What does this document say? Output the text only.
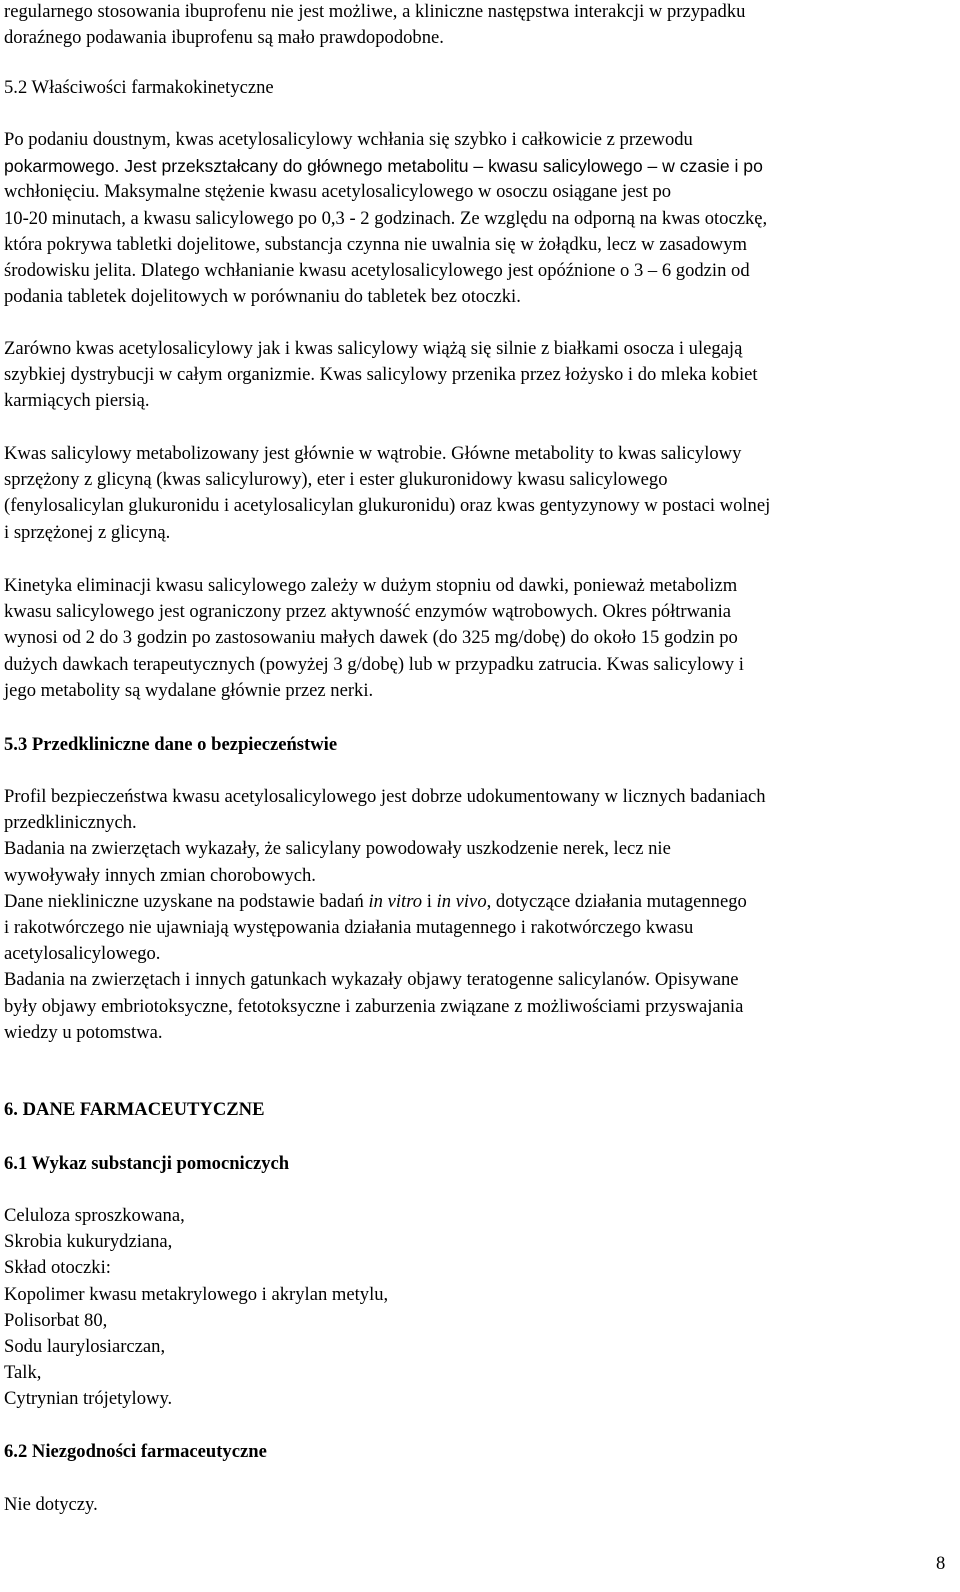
regularnego stosowania ibuprofenu nie jest możliwe, a kliniczne następstwa interakcji w przypadku

doraźnego podawania ibuprofenu są mało prawdopodobne.

5.2 Właściwości farmakokinetyczne

Po podaniu doustnym, kwas acetylosalicylowy wchłania się szybko i całkowicie z przewodu

pokarmowego. Jest przekształcany do głównego metabolitu – kwasu salicylowego – w czasie i po

wchłonięciu. Maksymalne stężenie kwasu acetylosalicylowego w osoczu osiągane jest po

10-20 minutach, a kwasu salicylowego po 0,3 - 2 godzinach. Ze względu na odporną na kwas otoczkę,

która pokrywa tabletki dojelitowe, substancja czynna nie uwalnia się w żołądku, lecz w zasadowym

środowisku jelita. Dlatego wchłanianie kwasu acetylosalicylowego jest opóźnione o 3 – 6 godzin od

podania tabletek dojelitowych w porównaniu do tabletek bez otoczki.

Zarówno kwas acetylosalicylowy jak i kwas salicylowy wiążą się silnie z białkami osocza i ulegają

szybkiej dystrybucji w całym organizmie. Kwas salicylowy przenika przez łożysko i do mleka kobiet

karmiących piersią.

Kwas salicylowy metabolizowany jest głównie w wątrobie. Główne metabolity to kwas salicylowy

sprzężony z glicyną (kwas salicylurowy), eter i ester glukuronidowy kwasu salicylowego

(fenylosalicylan glukuronidu i acetylosalicylan glukuronidu) oraz kwas gentyzynowy w postaci wolnej

i sprzężonej z glicyną.

Kinetyka eliminacji kwasu salicylowego zależy w dużym stopniu od dawki, ponieważ metabolizm

kwasu salicylowego jest ograniczony przez aktywność enzymów wątrobowych. Okres półtrwania

wynosi od 2 do 3 godzin po zastosowaniu małych dawek (do 325 mg/dobę) do około 15 godzin po

dużych dawkach terapeutycznych (powyżej 3 g/dobę) lub w przypadku zatrucia. Kwas salicylowy i

jego metabolity są wydalane głównie przez nerki.

5.3 Przedkliniczne dane o bezpieczeństwie

Profil bezpieczeństwa kwasu acetylosalicylowego jest dobrze udokumentowany w licznych badaniach

przedklinicznych.

Badania na zwierzętach wykazały, że salicylany powodowały uszkodzenie nerek, lecz nie

wywoływały innych zmian chorobowych.

Dane niekliniczne uzyskane na podstawie badań in vitro i in vivo, dotyczące działania mutagennego

i rakotwórczego nie ujawniają występowania działania mutagennego i rakotwórczego kwasu

acetylosalicylowego.

Badania na zwierzętach i innych gatunkach wykazały objawy teratogenne salicylanów. Opisywane

były objawy embriotoksyczne, fetotoksyczne i zaburzenia związane z możliwościami przyswajania

wiedzy u potomstwa.

6. DANE FARMACEUTYCZNE

6.1 Wykaz substancji pomocniczych

Celuloza sproszkowana,

Skrobia kukurydziana,

Skład otoczki:

Kopolimer kwasu metakrylowego i akrylan metylu,

Polisorbat 80,

Sodu laurylosiarczan,

Talk,

Cytrynian trójetylowy.

6.2 Niezgodności farmaceutyczne

Nie dotyczy.

8
